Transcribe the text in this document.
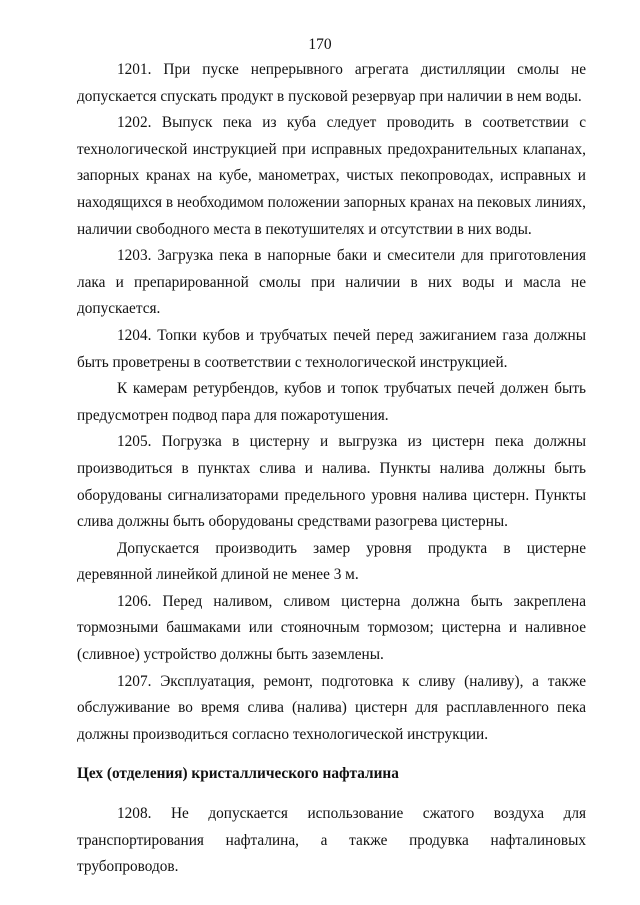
170

1201. При пуске непрерывного агрегата дистилляции смолы не допускается спускать продукт в пусковой резервуар при наличии в нем воды.

1202. Выпуск пека из куба следует проводить в соответствии с технологической инструкцией при исправных предохранительных клапанах, запорных кранах на кубе, манометрах, чистых пекопроводах, исправных и находящихся в необходимом положении запорных кранах на пековых линиях, наличии свободного места в пекотушителях и отсутствии в них воды.

1203. Загрузка пека в напорные баки и смесители для приготовления лака и препарированной смолы при наличии в них воды и масла не допускается.

1204. Топки кубов и трубчатых печей перед зажиганием газа должны быть проветрены в соответствии с технологической инструкцией.

К камерам ретурбендов, кубов и топок трубчатых печей должен быть предусмотрен подвод пара для пожаротушения.

1205. Погрузка в цистерну и выгрузка из цистерн пека должны производиться в пунктах слива и налива. Пункты налива должны быть оборудованы сигнализаторами предельного уровня налива цистерн. Пункты слива должны быть оборудованы средствами разогрева цистерны.

Допускается производить замер уровня продукта в цистерне деревянной линейкой длиной не менее 3 м.

1206. Перед наливом, сливом цистерна должна быть закреплена тормозными башмаками или стояночным тормозом; цистерна и наливное (сливное) устройство должны быть заземлены.

1207. Эксплуатация, ремонт, подготовка к сливу (наливу), а также обслуживание во время слива (налива) цистерн для расплавленного пека должны производиться согласно технологической инструкции.

Цех (отделения) кристаллического нафталина

1208. Не допускается использование сжатого воздуха для транспортирования нафталина, а также продувка нафталиновых трубопроводов.
